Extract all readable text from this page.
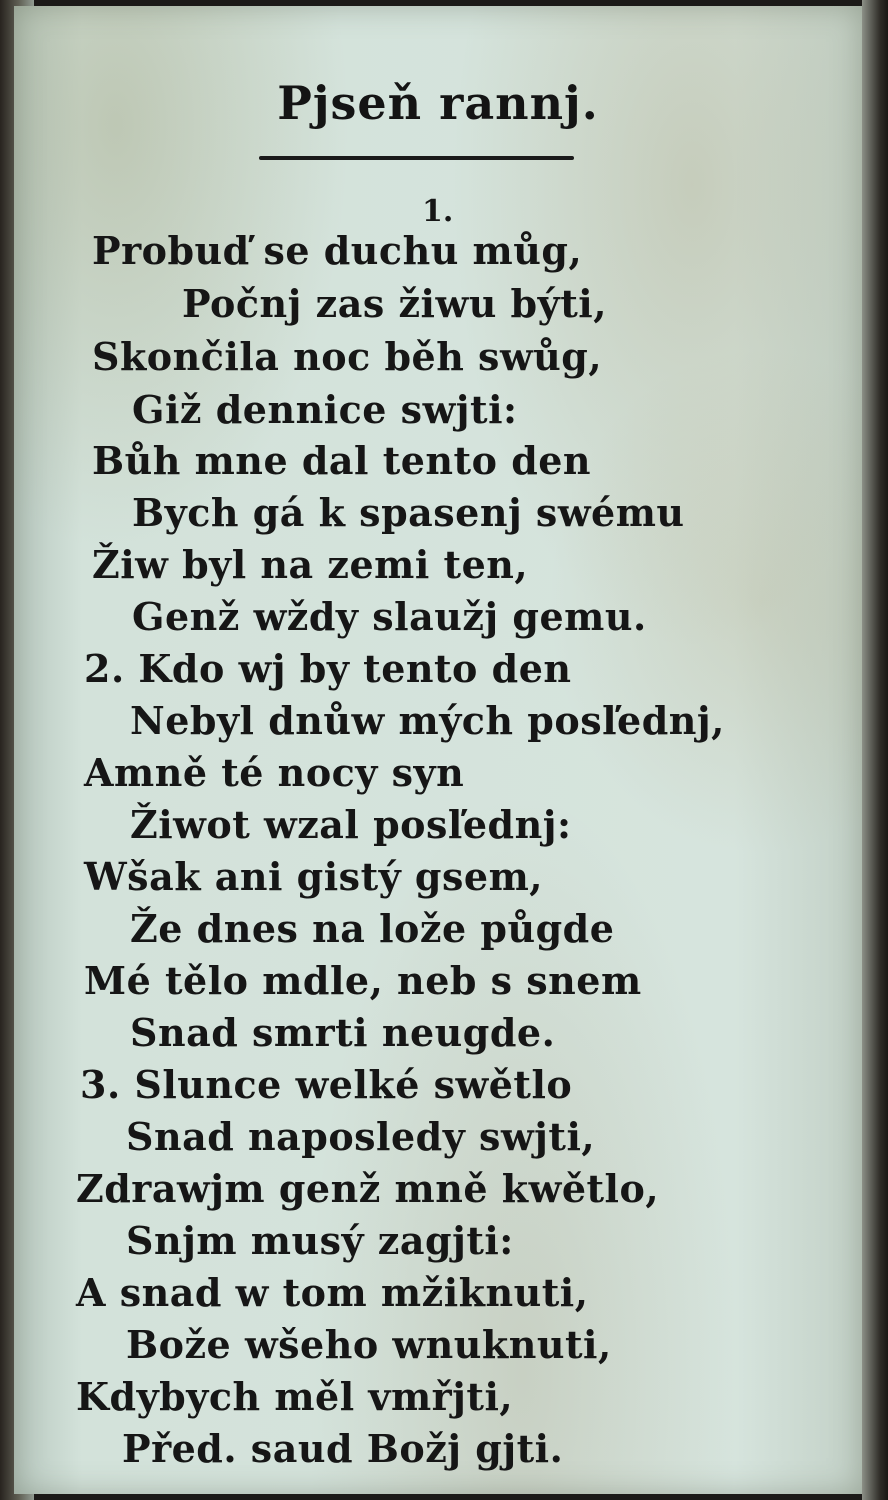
Pjseň rannj.
1.
Probuď se duchu můg,
Počnj zas žiwu býti,
Skončila noc běh swůg,
Giž dennice swjti:
Bůh mne dal tento den
Bych gá k spasenj swému
Žiw byl na zemi ten,
Genž wždy slaužj gemu.
2. Kdo wj by tento den
Nebyl dnůw mých posľednj,
Amně té nocy syn
Žiwot wzal posľednj:
Wšak ani gistý gsem,
Že dnes na lože půgde
Mé tělo mdle, neb s snem
Snad smrti neugde.
3. Slunce welké swětlo
Snad naposledy swjti,
Zdrawjm genž mně kwětlo,
Snjm musý zagjti:
A snad w tom mžiknuti,
Bože wšeho wnuknuti,
Kdybych měl vmřjti,
Před. saud Božj gjti.
